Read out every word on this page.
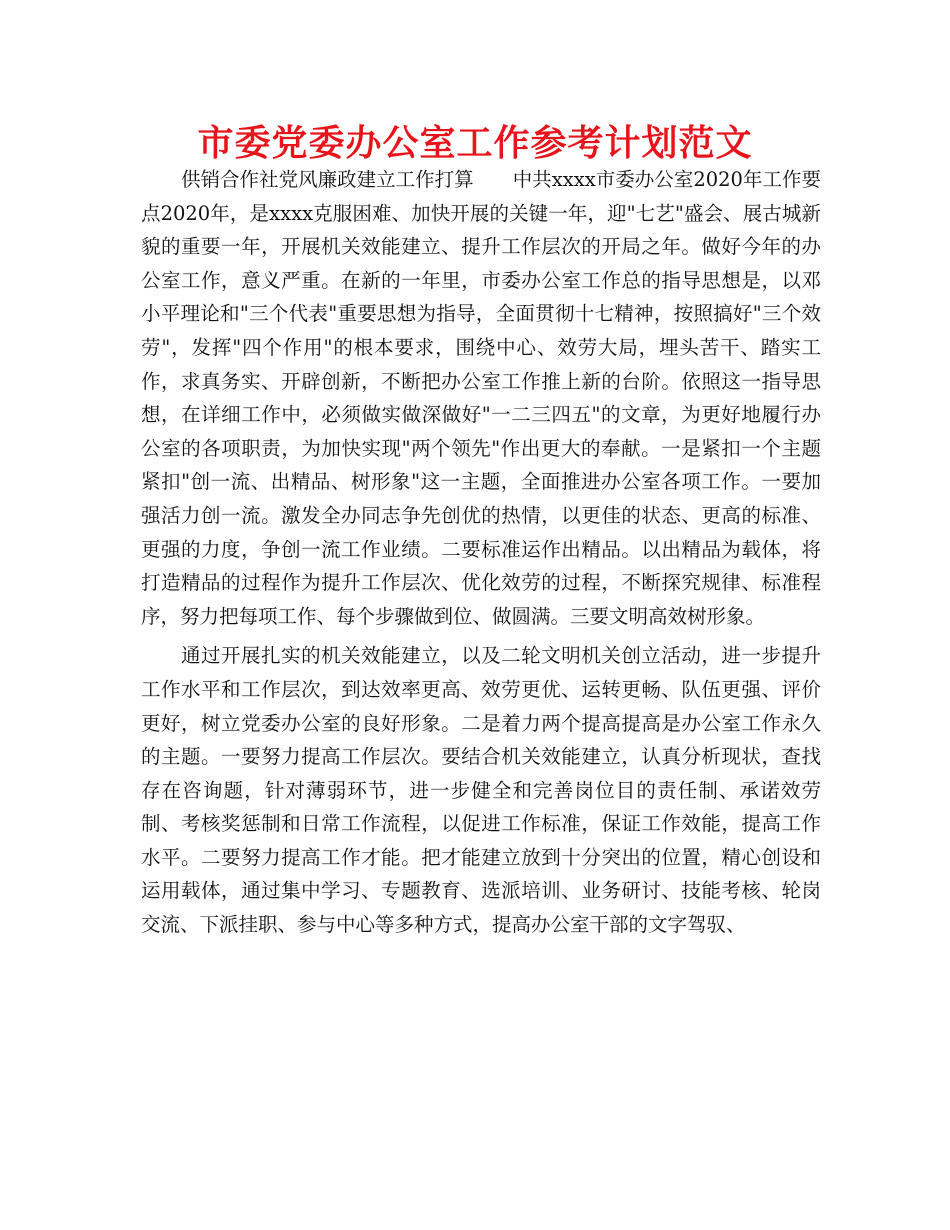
市委党委办公室工作参考计划范文

供销合作社党风廉政建立工作打算　　中共xxxx市委办公室2020年工作要点2020年，是xxxx克服困难、加快开展的关键一年，迎"七艺"盛会、展古城新貌的重要一年，开展机关效能建立、提升工作层次的开局之年。做好今年的办公室工作，意义严重。在新的一年里，市委办公室工作总的指导思想是，以邓小平理论和"三个代表"重要思想为指导，全面贯彻十七精神，按照搞好"三个效劳"，发挥"四个作用"的根本要求，围绕中心、效劳大局，埋头苦干、踏实工作，求真务实、开辟创新，不断把办公室工作推上新的台阶。依照这一指导思想，在详细工作中，必须做实做深做好"一二三四五"的文章，为更好地履行办公室的各项职责，为加快实现"两个领先"作出更大的奉献。一是紧扣一个主题紧扣"创一流、出精品、树形象"这一主题，全面推进办公室各项工作。一要加强活力创一流。激发全办同志争先创优的热情，以更佳的状态、更高的标准、更强的力度，争创一流工作业绩。二要标准运作出精品。以出精品为载体，将打造精品的过程作为提升工作层次、优化效劳的过程，不断探究规律、标准程序，努力把每项工作、每个步骤做到位、做圆满。三要文明高效树形象。

通过开展扎实的机关效能建立，以及二轮文明机关创立活动，进一步提升工作水平和工作层次，到达效率更高、效劳更优、运转更畅、队伍更强、评价更好，树立党委办公室的良好形象。二是着力两个提高提高是办公室工作永久的主题。一要努力提高工作层次。要结合机关效能建立，认真分析现状，查找存在咨询题，针对薄弱环节，进一步健全和完善岗位目的责任制、承诺效劳制、考核奖惩制和日常工作流程，以促进工作标准，保证工作效能，提高工作水平。二要努力提高工作才能。把才能建立放到十分突出的位置，精心创设和运用载体，通过集中学习、专题教育、选派培训、业务研讨、技能考核、轮岗交流、下派挂职、参与中心等多种方式，提高办公室干部的文字驾驭、
